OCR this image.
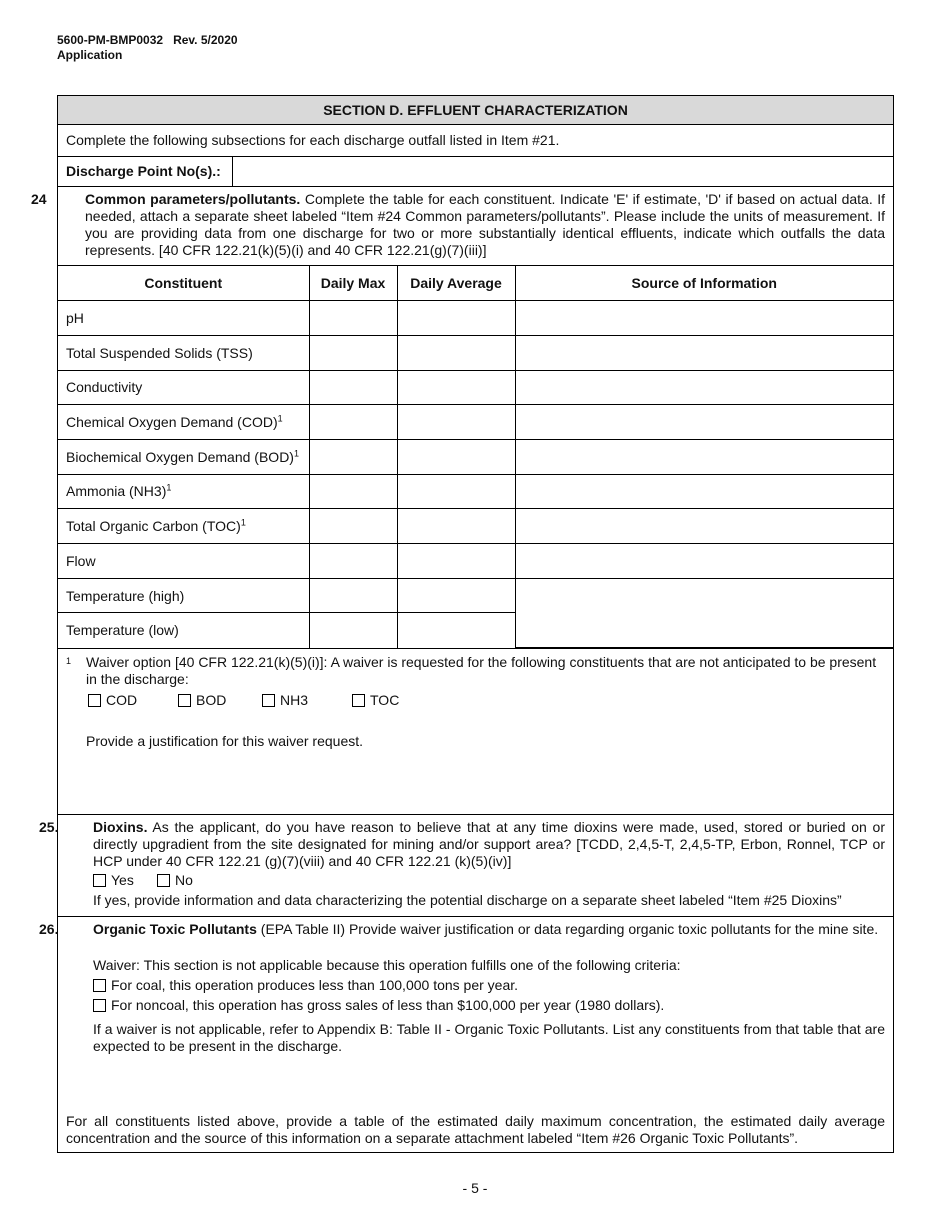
5600-PM-BMP0032 Rev. 5/2020
Application
SECTION D. EFFLUENT CHARACTERIZATION
Complete the following subsections for each discharge outfall listed in Item #21.
Discharge Point No(s).:
24	Common parameters/pollutants. Complete the table for each constituent. Indicate 'E' if estimate, 'D' if based on actual data. If needed, attach a separate sheet labeled “Item #24 Common parameters/pollutants”. Please include the units of measurement. If you are providing data from one discharge for two or more substantially identical effluents, indicate which outfalls the data represents. [40 CFR 122.21(k)(5)(i) and 40 CFR 122.21(g)(7)(iii)]
Constituent	Daily Max	Daily Average	Source of Information
pH			
Total Suspended Solids (TSS)			
Conductivity			
Chemical Oxygen Demand (COD)$^1$			
Biochemical Oxygen Demand (BOD)$^1$			
Ammonia $(NH3)^1$			
Total Organic Carbon (TOC)$^1$			
Flow			
Temperature (high)			
Temperature (low)			
1	Waiver option [40 CFR 122.21(k)(5)(i)]: A waiver is requested for the following constituents that are not anticipated to be present in the discharge:
COD	BOD	NH3	TOC
Provide a justification for this waiver request.
25. Dioxins. As the applicant, do you have reason to believe that at any time dioxins were made, used, stored or buried on or directly upgradient from the site designated for mining and/or support area? [TCDD, 2,4,5-T, 2,4,5-TP, Erbon, Ronnel, TCP or HCP under 40 CFR 122.21 (g)(7)(viii) and 40 CFR 122.21 (k)(5)(iv)]
Yes	No
If yes, provide information and data characterizing the potential discharge on a separate sheet labeled “Item #25 Dioxins”
26. Organic Toxic Pollutants (EPA Table II) Provide waiver justification or data regarding organic toxic pollutants for the mine site.
Waiver: This section is not applicable because this operation fulfills one of the following criteria:
For coal, this operation produces less than 100,000 tons per year.
For noncoal, this operation has gross sales of less than $100,000 per year (1980 dollars).
If a waiver is not applicable, refer to Appendix B: Table II - Organic Toxic Pollutants. List any constituents from that table that are expected to be present in the discharge.
For all constituents listed above, provide a table of the estimated daily maximum concentration, the estimated daily average concentration and the source of this information on a separate attachment labeled “Item #26 Organic Toxic Pollutants”.
- 5 -
